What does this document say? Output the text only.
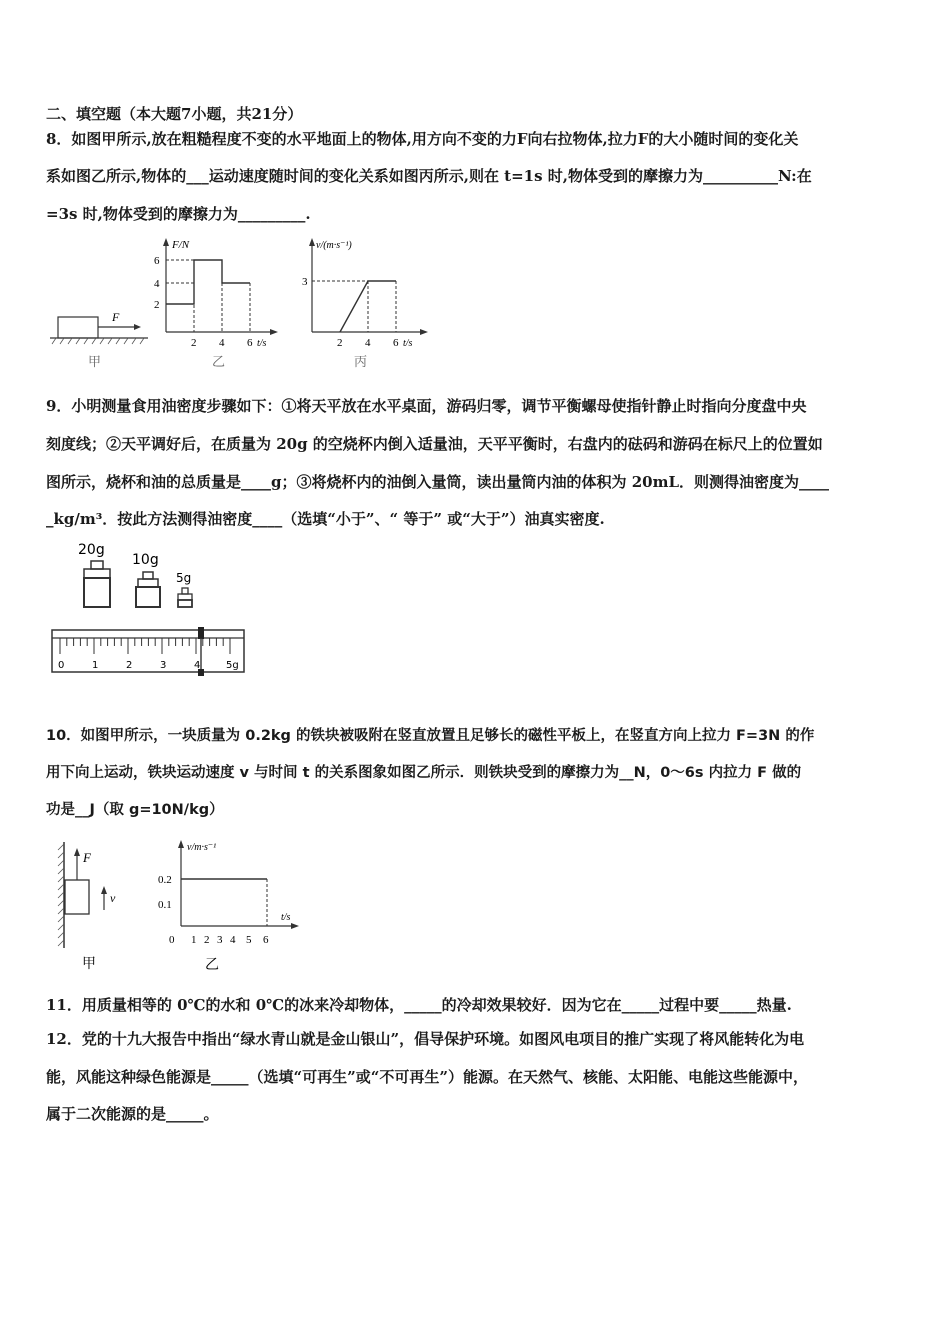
二、填空题（本大题7小题，共21分）
8．如图甲所示,放在粗糙程度不变的水平地面上的物体,用方向不变的力F向右拉物体,拉力F的大小随时间的变化关
系如图乙所示,物体的___运动速度随时间的变化关系如图丙所示,则在 t=1s 时,物体受到的摩擦力为__________N:在
=3s 时,物体受到的摩擦力为_________.
F
甲
F/N
6
4
2
2 4 6 t/s
乙
v/(m·s⁻¹)
3
2 4 6 t/s
丙
9．小明测量食用油密度步骤如下：①将天平放在水平桌面，游码归零，调节平衡螺母使指针静止时指向分度盘中央
刻度线；②天平调好后，在质量为 20g 的空烧杯内倒入适量油，天平平衡时，右盘内的砝码和游码在标尺上的位置如
图所示，烧杯和油的总质量是____g；③将烧杯内的油倒入量筒，读出量筒内油的体积为 20mL．则测得油密度为____
_kg/m³．按此方法测得油密度____（选填“小于”、“ 等于” 或“大于”）油真实密度.
20g
10g
5g
0	1	2	3	4	5g
10．如图甲所示，一块质量为 0.2kg 的铁块被吸附在竖直放置且足够长的磁性平板上，在竖直方向上拉力 F=3N 的作
用下向上运动，铁块运动速度 v 与时间 t 的关系图象如图乙所示．则铁块受到的摩擦力为__N，0～6s 内拉力 F 做的
功是__J（取 g=10N/kg）
F
v
甲
v/m·s⁻¹
0.2
0.1
t/s
0 1 2 3 4 5 6
乙
11．用质量相等的 0℃的水和 0℃的冰来冷却物体，_____的冷却效果较好．因为它在_____过程中要_____热量.
12．党的十九大报告中指出“绿水青山就是金山银山”，倡导保护环境。如图风电项目的推广实现了将风能转化为电
能，风能这种绿色能源是_____（选填“可再生”或“不可再生”）能源。在天然气、核能、太阳能、电能这些能源中，
属于二次能源的是_____。
